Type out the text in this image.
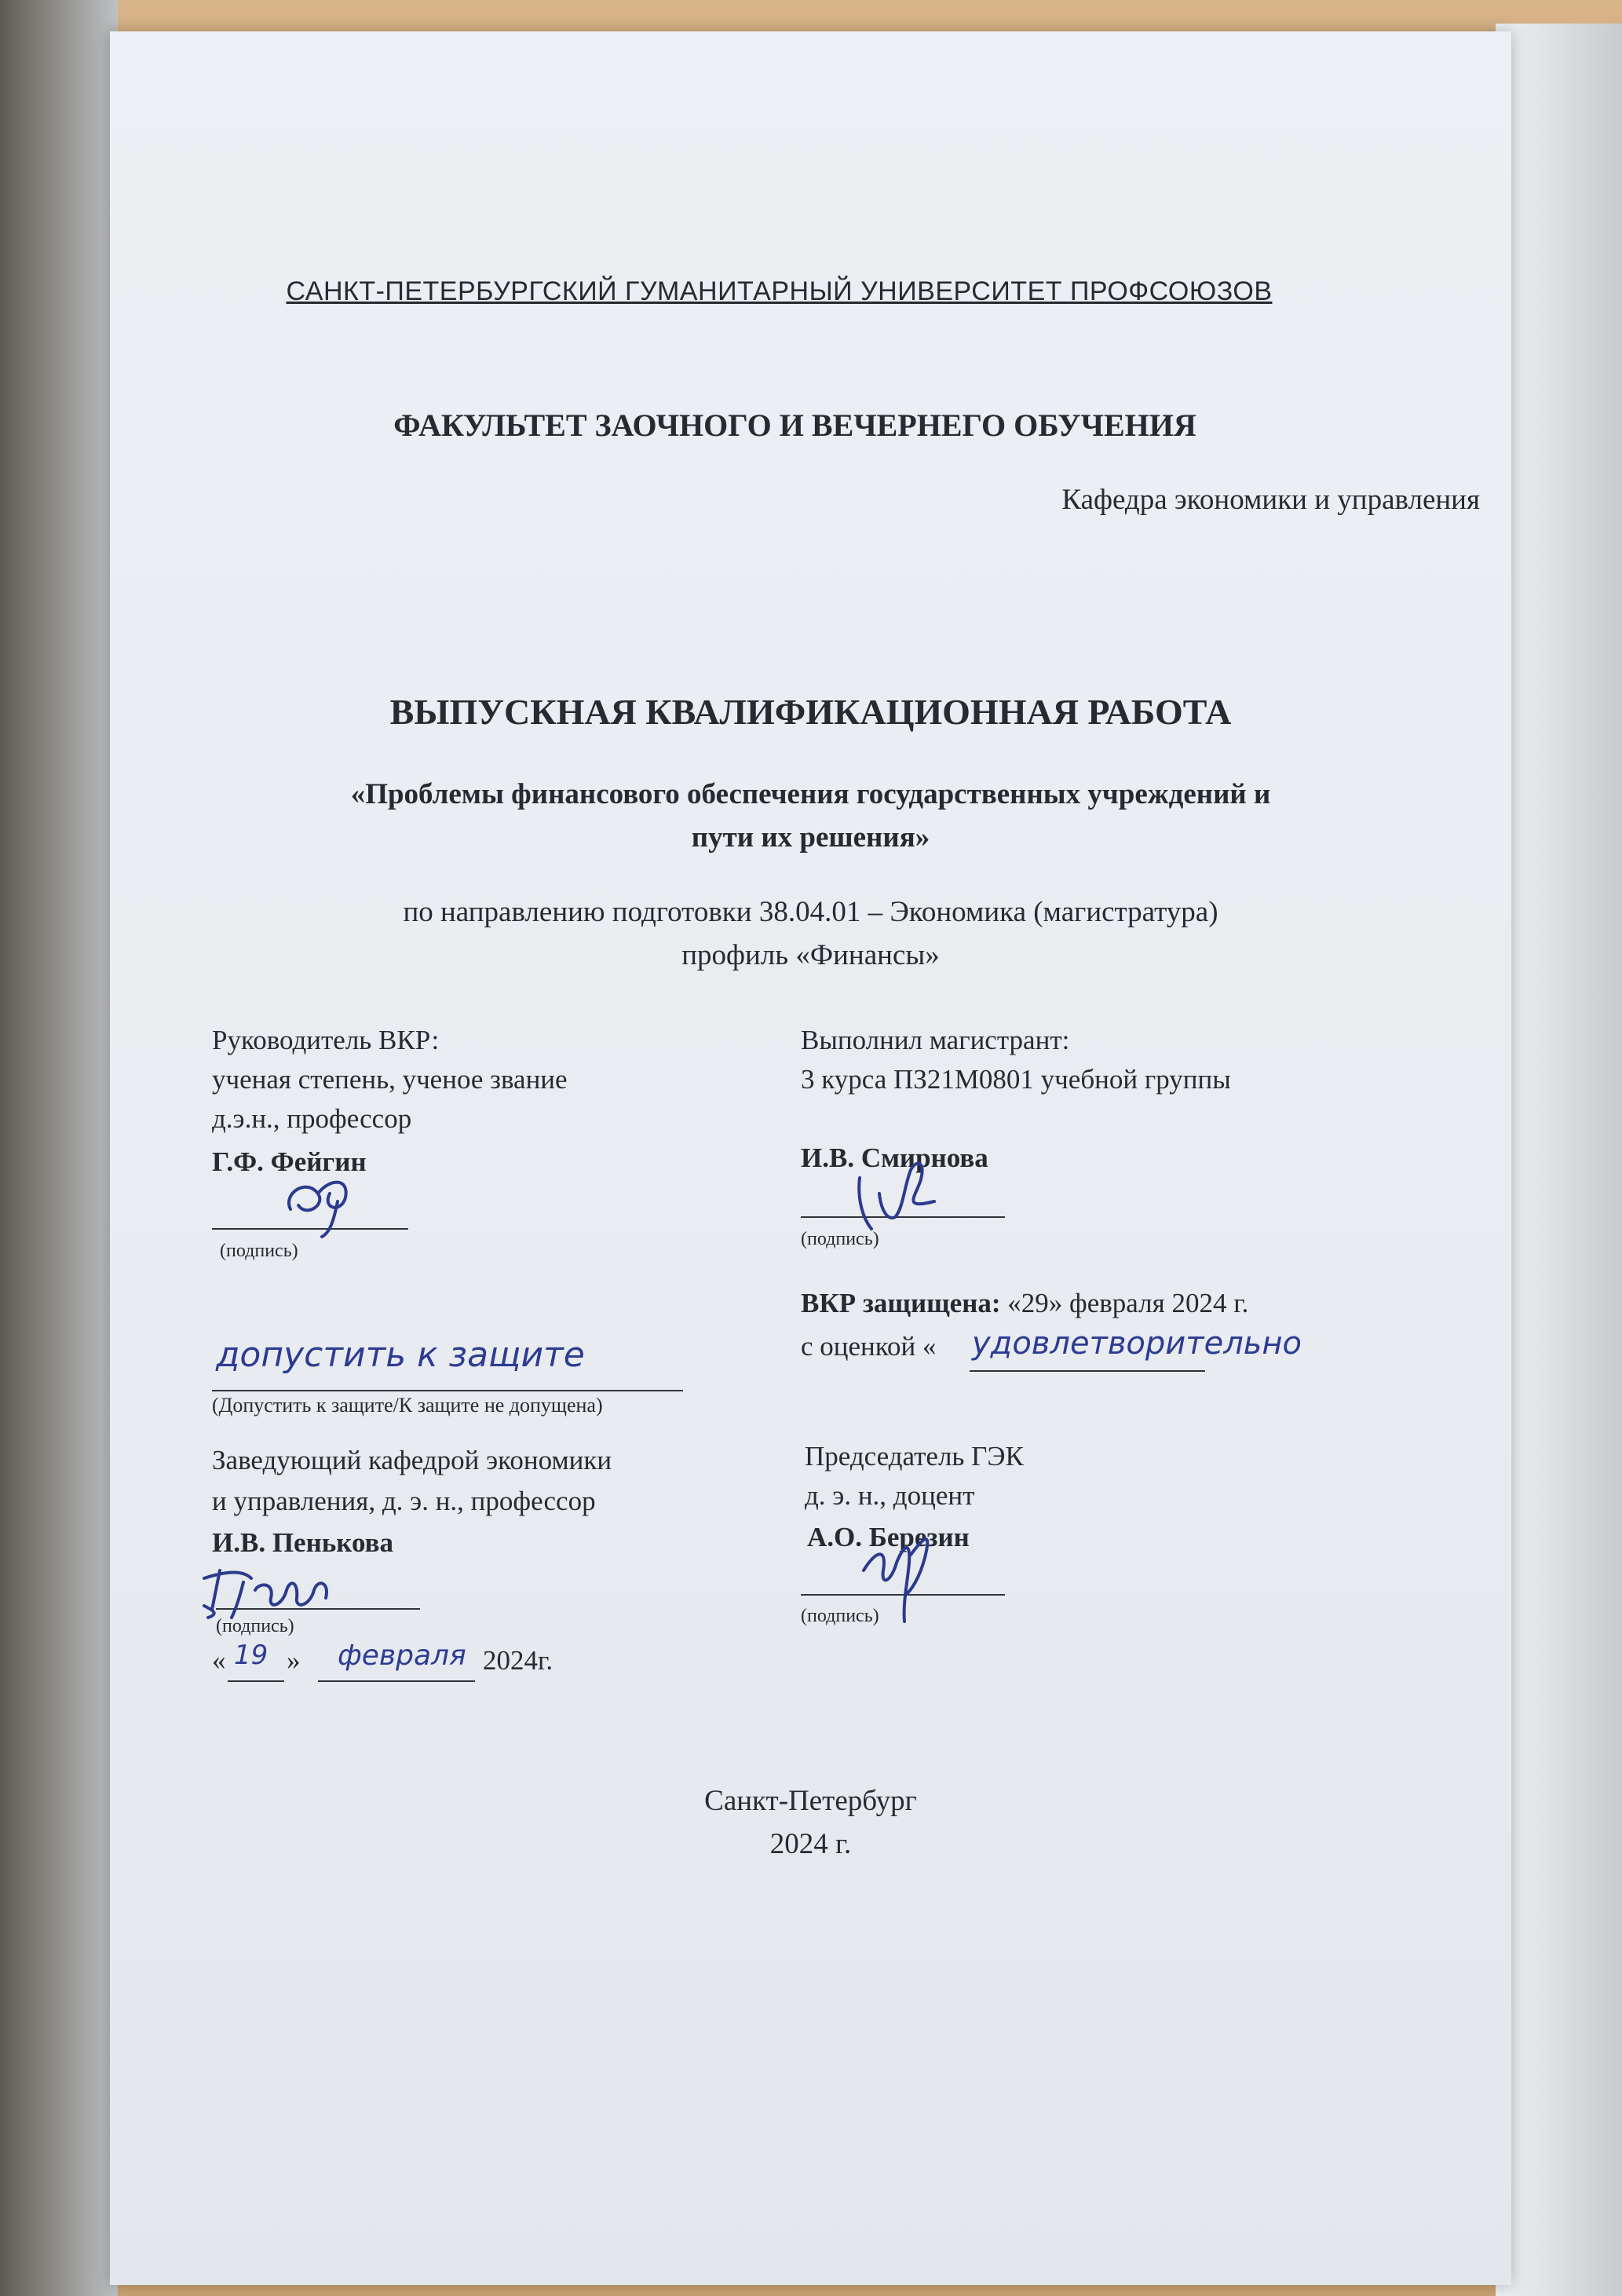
САНКТ-ПЕТЕРБУРГСКИЙ ГУМАНИТАРНЫЙ УНИВЕРСИТЕТ ПРОФСОЮЗОВ
ФАКУЛЬТЕТ ЗАОЧНОГО И ВЕЧЕРНЕГО ОБУЧЕНИЯ
Кафедра экономики и управления
ВЫПУСКНАЯ КВАЛИФИКАЦИОННАЯ РАБОТА
«Проблемы финансового обеспечения государственных учреждений и
пути их решения»
по направлению подготовки 38.04.01 – Экономика (магистратура)
профиль «Финансы»
Руководитель ВКР:
ученая степень, ученое звание
д.э.н., профессор
Г.Ф. Фейгин
(подпись)
Выполнил магистрант:
3 курса ПЗ21М0801 учебной группы
И.В. Смирнова
(подпись)
допустить к защите
(Допустить к защите/К защите не допущена)
ВКР защищена: «29» февраля 2024 г.
с оценкой « удовлетворительно
Заведующий кафедрой экономики
и управления, д. э. н., профессор
И.В. Пенькова
(подпись)
« 19 » февраля 2024г.
Председатель ГЭК
д. э. н., доцент
А.О. Березин
(подпись)
Санкт-Петербург
2024 г.
